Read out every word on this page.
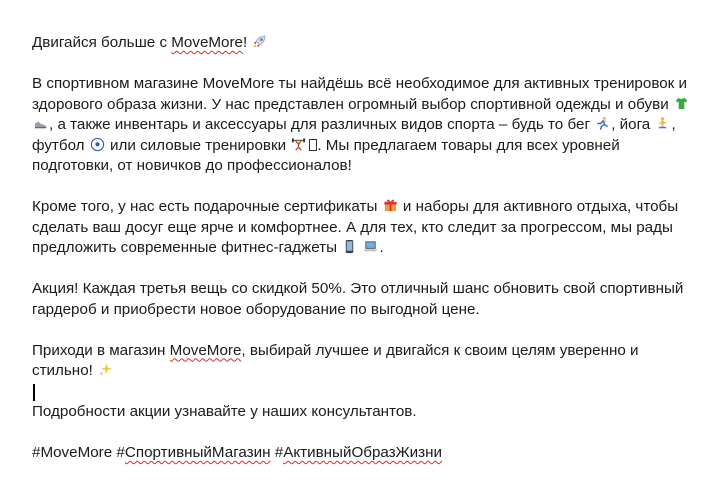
Двигайся больше с MoveMore!

В спортивном магазине MoveMore ты найдёшь всё необходимое для активных тренировок и здорового образа жизни. У нас представлен огромный выбор спортивной одежды и обуви

, а также инвентарь и аксессуары для различных видов спорта – будь то бег , йога , футбол или силовые тренировки . Мы предлагаем товары для всех уровней подготовки, от новичков до профессионалов!

Кроме того, у нас есть подарочные сертификаты и наборы для активного отдыха, чтобы сделать ваш досуг еще ярче и комфортнее. А для тех, кто следит за прогрессом, мы рады предложить современные фитнес-гаджеты
	.

Акция! Каждая третья вещь со скидкой 50%. Это отличный шанс обновить свой спортивный гардероб и приобрести новое оборудование по выгодной цене.

Приходи в магазин MoveMore, выбирай лучшее и двигайся к своим целям уверенно и стильно!

Подробности акции узнавайте у наших консультантов.

#MoveMore #СпортивныйМагазин #АктивныйОбразЖизни
